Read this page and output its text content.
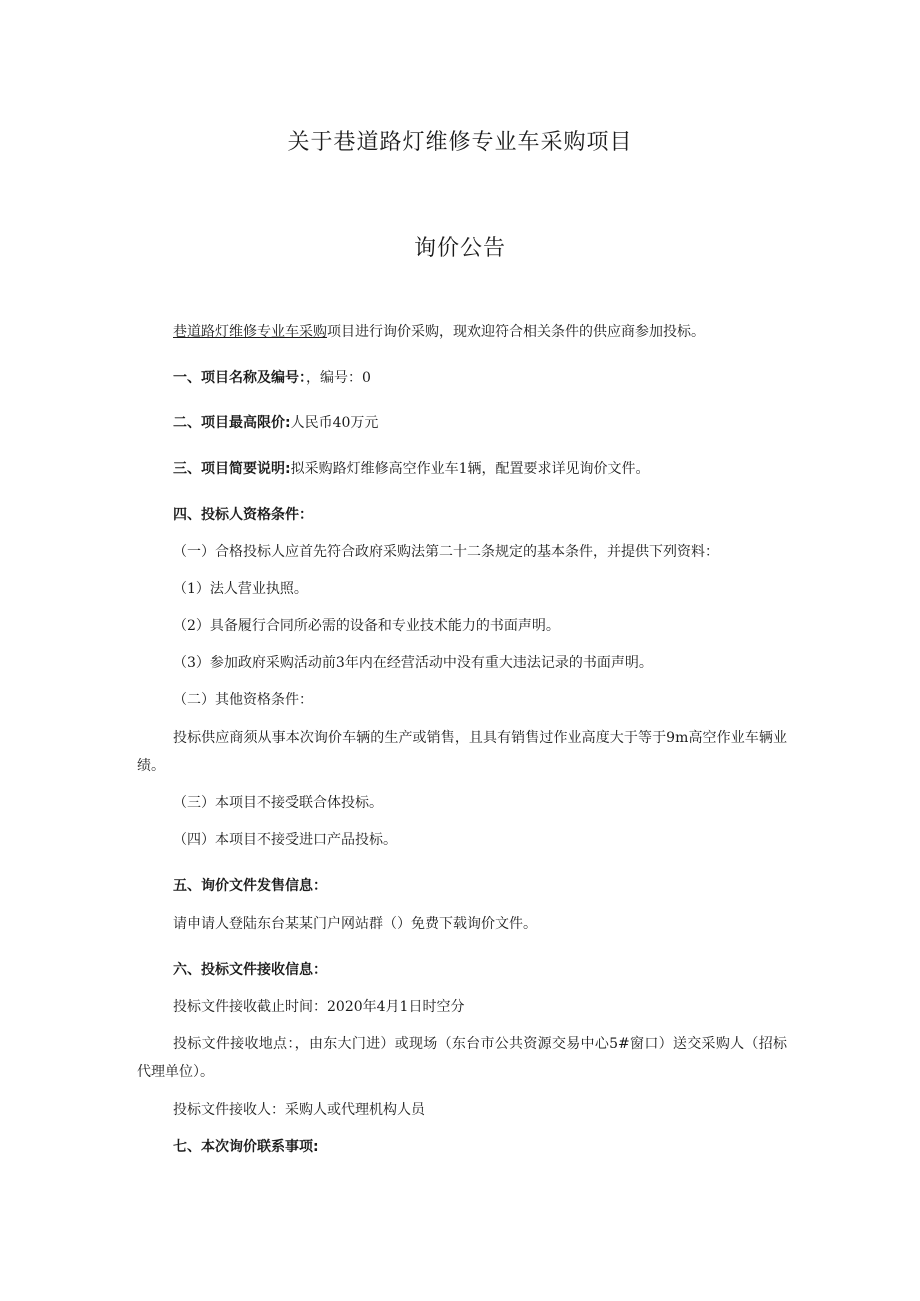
关于巷道路灯维修专业车采购项目
询价公告

巷道路灯维修专业车采购项目进行询价采购，现欢迎符合相关条件的供应商参加投标。

一、项目名称及编号：，编号：0

二、项目最高限价:人民币40万元

三、项目简要说明:拟采购路灯维修高空作业车1辆，配置要求详见询价文件。

四、投标人资格条件：

（一）合格投标人应首先符合政府采购法第二十二条规定的基本条件，并提供下列资料：

（1）法人营业执照。

（2）具备履行合同所必需的设备和专业技术能力的书面声明。

（3）参加政府采购活动前3年内在经营活动中没有重大违法记录的书面声明。

（二）其他资格条件：

投标供应商须从事本次询价车辆的生产或销售，且具有销售过作业高度大于等于9m高空作业车辆业绩。

（三）本项目不接受联合体投标。

（四）本项目不接受进口产品投标。

五、询价文件发售信息：

请申请人登陆东台某某门户网站群（）免费下载询价文件。

六、投标文件接收信息：

投标文件接收截止时间：2020年4月1日时空分

投标文件接收地点：，由东大门进）或现场（东台市公共资源交易中心5#窗口）送交采购人（招标代理单位）。

投标文件接收人：采购人或代理机构人员

七、本次询价联系事项:
